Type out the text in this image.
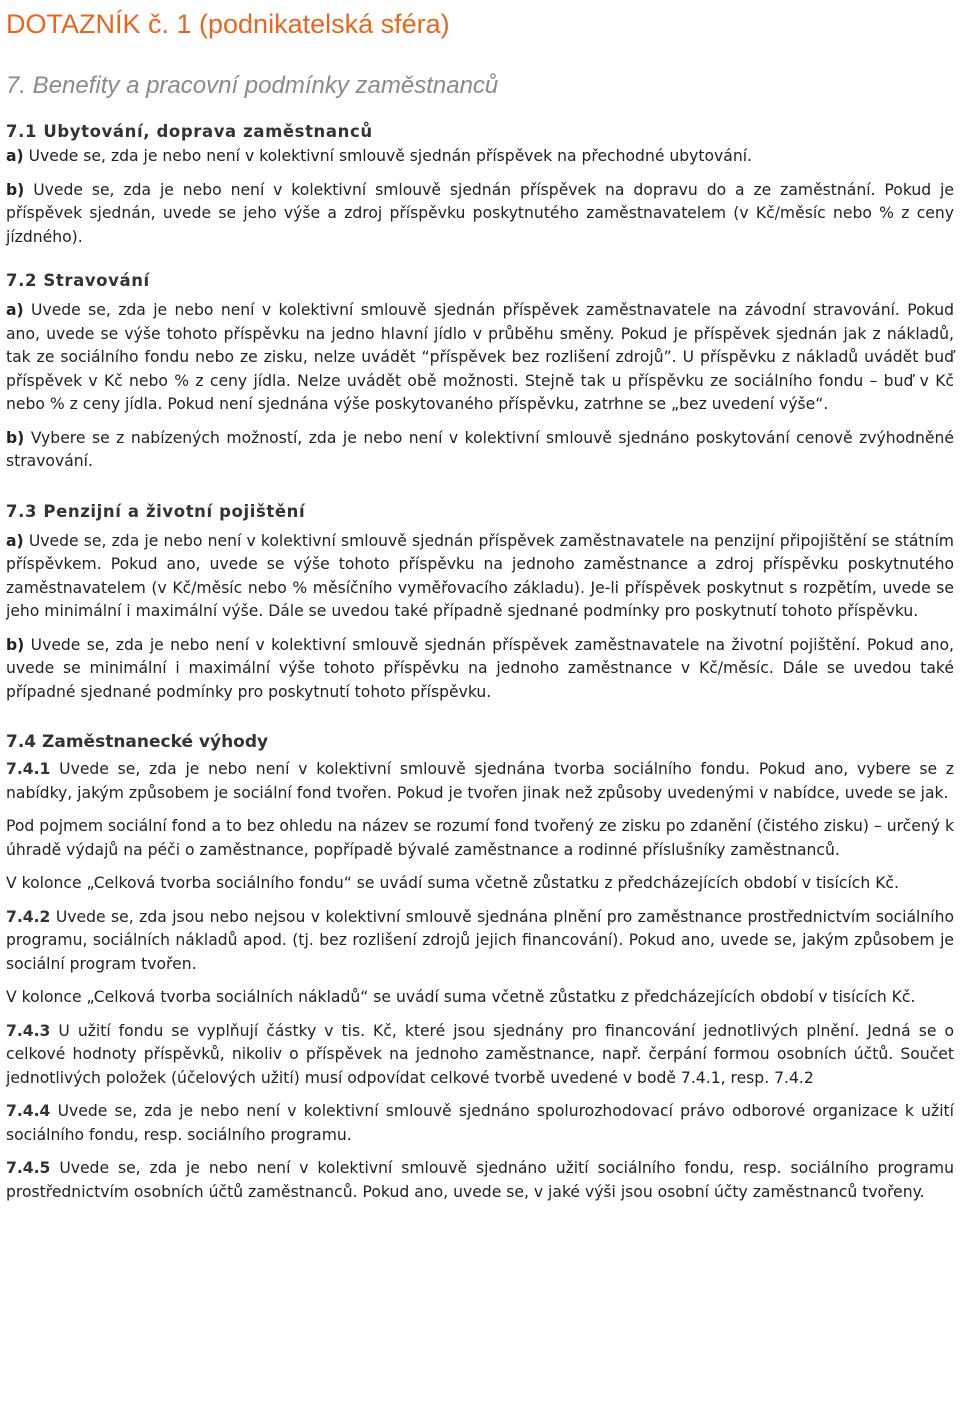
DOTAZNÍK č. 1 (podnikatelská sféra)
7. Benefity a pracovní podmínky zaměstnanců
7.1 Ubytování, doprava zaměstnanců

a) Uvede se, zda je nebo není v kolektivní smlouvě sjednán příspěvek na přechodné ubytování.

b) Uvede se, zda je nebo není v kolektivní smlouvě sjednán příspěvek na dopravu do a ze zaměstnání. Pokud je příspěvek sjednán, uvede se jeho výše a zdroj příspěvku poskytnutého zaměstnavatelem (v Kč/měsíc nebo % z ceny jízdného).

7.2 Stravování

a) Uvede se, zda je nebo není v kolektivní smlouvě sjednán příspěvek zaměstnavatele na závodní stravování. Pokud ano, uvede se výše tohoto příspěvku na jedno hlavní jídlo v průběhu směny. Pokud je příspěvek sjednán jak z nákladů, tak ze sociálního fondu nebo ze zisku, nelze uvádět “příspěvek bez rozlišení zdrojů”. U příspěvku z nákladů uvádět buď příspěvek v Kč nebo % z ceny jídla. Nelze uvádět obě možnosti. Stejně tak u příspěvku ze sociálního fondu – buď v Kč nebo % z ceny jídla. Pokud není sjednána výše poskytovaného příspěvku, zatrhne se „bez uvedení výše“.

b) Vybere se z nabízených možností, zda je nebo není v kolektivní smlouvě sjednáno poskytování cenově zvýhodněné stravování.

7.3 Penzijní a životní pojištění

a) Uvede se, zda je nebo není v kolektivní smlouvě sjednán příspěvek zaměstnavatele na penzijní připojištění se státním příspěvkem. Pokud ano, uvede se výše tohoto příspěvku na jednoho zaměstnance a zdroj příspěvku poskytnutého zaměstnavatelem (v Kč/měsíc nebo % měsíčního vyměřovacího základu). Je-li příspěvek poskytnut s rozpětím, uvede se jeho minimální i maximální výše. Dále se uvedou také případně sjednané podmínky pro poskytnutí tohoto příspěvku.

b) Uvede se, zda je nebo není v kolektivní smlouvě sjednán příspěvek zaměstnavatele na životní pojištění. Pokud ano, uvede se minimální i maximální výše tohoto příspěvku na jednoho zaměstnance v Kč/měsíc. Dále se uvedou také případné sjednané podmínky pro poskytnutí tohoto příspěvku.

7.4 Zaměstnanecké výhody

7.4.1 Uvede se, zda je nebo není v kolektivní smlouvě sjednána tvorba sociálního fondu. Pokud ano, vybere se z nabídky, jakým způsobem je sociální fond tvořen. Pokud je tvořen jinak než způsoby uvedenými v nabídce, uvede se jak.

Pod pojmem sociální fond a to bez ohledu na název se rozumí fond tvořený ze zisku po zdanění (čistého zisku) – určený k úhradě výdajů na péči o zaměstnance, popřípadě bývalé zaměstnance a rodinné příslušníky zaměstnanců.

V kolonce „Celková tvorba sociálního fondu“ se uvádí suma včetně zůstatku z předcházejících období v tisících Kč.

7.4.2 Uvede se, zda jsou nebo nejsou v kolektivní smlouvě sjednána plnění pro zaměstnance prostřednictvím sociálního programu, sociálních nákladů apod. (tj. bez rozlišení zdrojů jejich financování). Pokud ano, uvede se, jakým způsobem je sociální program tvořen.

V kolonce „Celková tvorba sociálních nákladů“ se uvádí suma včetně zůstatku z předcházejících období v tisících Kč.

7.4.3 U užití fondu se vyplňují částky v tis. Kč, které jsou sjednány pro financování jednotlivých plnění. Jedná se o celkové hodnoty příspěvků, nikoliv o příspěvek na jednoho zaměstnance, např. čerpání formou osobních účtů. Součet jednotlivých položek (účelových užití) musí odpovídat celkové tvorbě uvedené v bodě 7.4.1, resp. 7.4.2

7.4.4 Uvede se, zda je nebo není v kolektivní smlouvě sjednáno spolurozhodovací právo odborové organizace k užití sociálního fondu, resp. sociálního programu.

7.4.5 Uvede se, zda je nebo není v kolektivní smlouvě sjednáno užití sociálního fondu, resp. sociálního programu prostřednictvím osobních účtů zaměstnanců. Pokud ano, uvede se, v jaké výši jsou osobní účty zaměstnanců tvořeny.
